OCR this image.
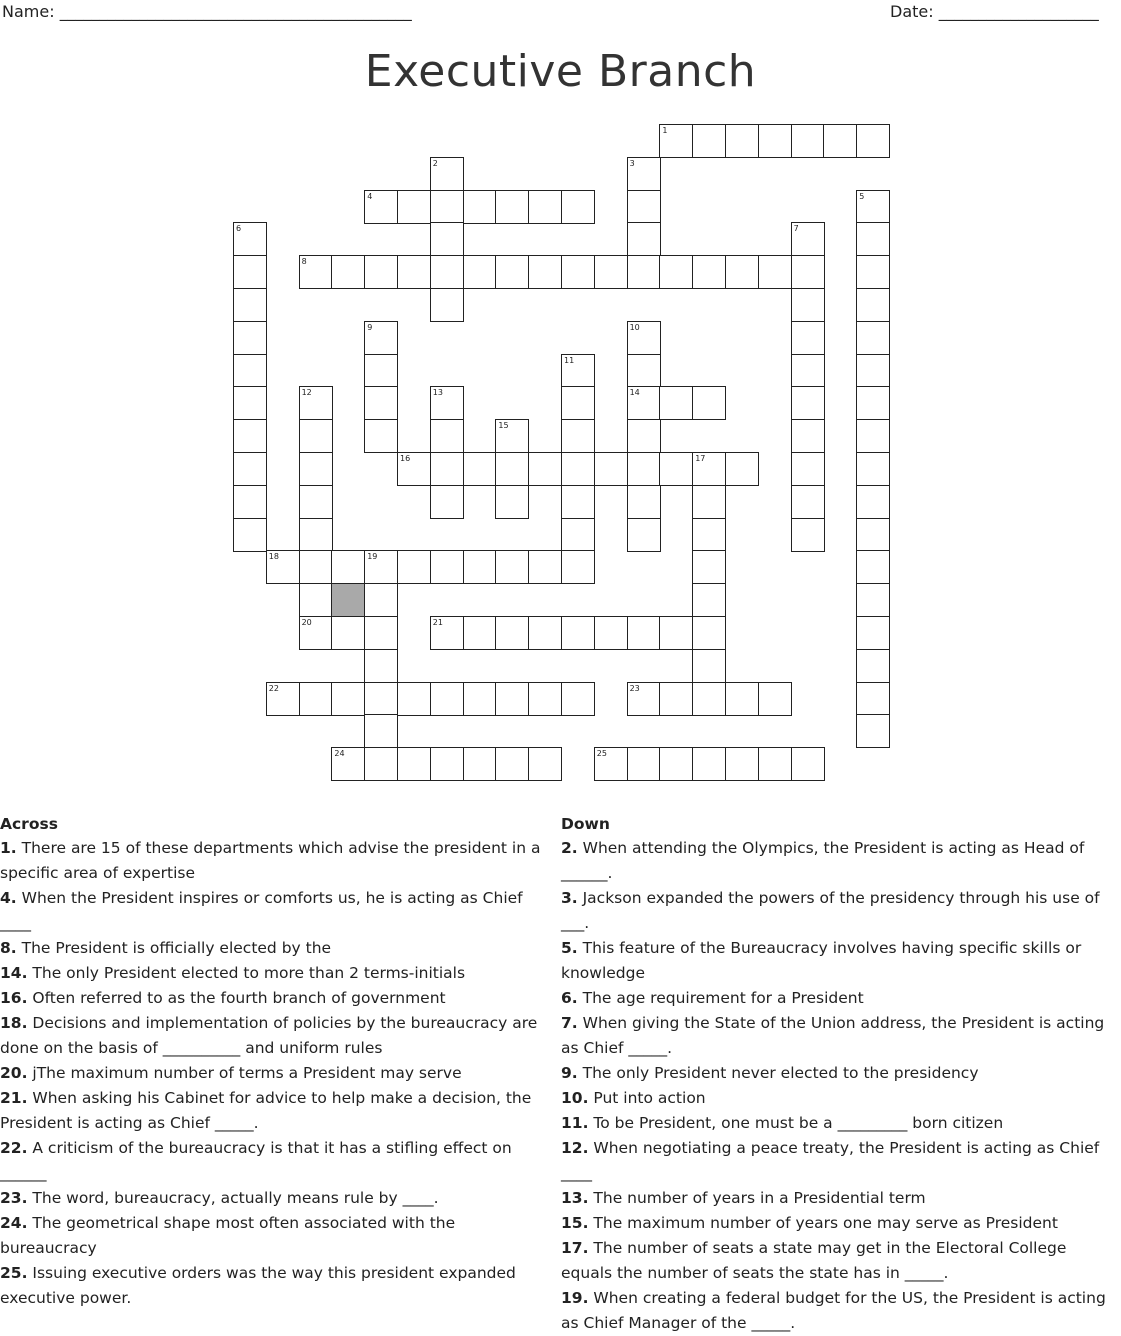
Name: ____________________________________________	Date: ____________________
Executive Branch
1
2	3
4	5
6	7
8
9	10
11
12	13	14
15
16	17
18	19
20	21
22	23
24	25
Across

1. There are 15 of these departments which advise the president in a specific area of expertise

4. When the President inspires or comforts us, he is acting as Chief ____

8. The President is officially elected by the

14. The only President elected to more than 2 terms-initials

16. Often referred to as the fourth branch of government

18. Decisions and implementation of policies by the bureaucracy are done on the basis of __________ and uniform rules

20. jThe maximum number of terms a President may serve

21. When asking his Cabinet for advice to help make a decision, the President is acting as Chief _____.

22. A criticism of the bureaucracy is that it has a stifling effect on ______

23. The word, bureaucracy, actually means rule by ____.

24. The geometrical shape most often associated with the bureaucracy

25. Issuing executive orders was the way this president expanded executive power.

Down

2. When attending the Olympics, the President is acting as Head of ______.

3. Jackson expanded the powers of the presidency through his use of ___.

5. This feature of the Bureaucracy involves having specific skills or knowledge

6. The age requirement for a President

7. When giving the State of the Union address, the President is acting as Chief _____.

9. The only President never elected to the presidency

10. Put into action

11. To be President, one must be a _________ born citizen

12. When negotiating a peace treaty, the President is acting as Chief ____

13. The number of years in a Presidential term

15. The maximum number of years one may serve as President

17. The number of seats a state may get in the Electoral College equals the number of seats the state has in _____.

19. When creating a federal budget for the US, the President is acting as Chief Manager of the _____.
